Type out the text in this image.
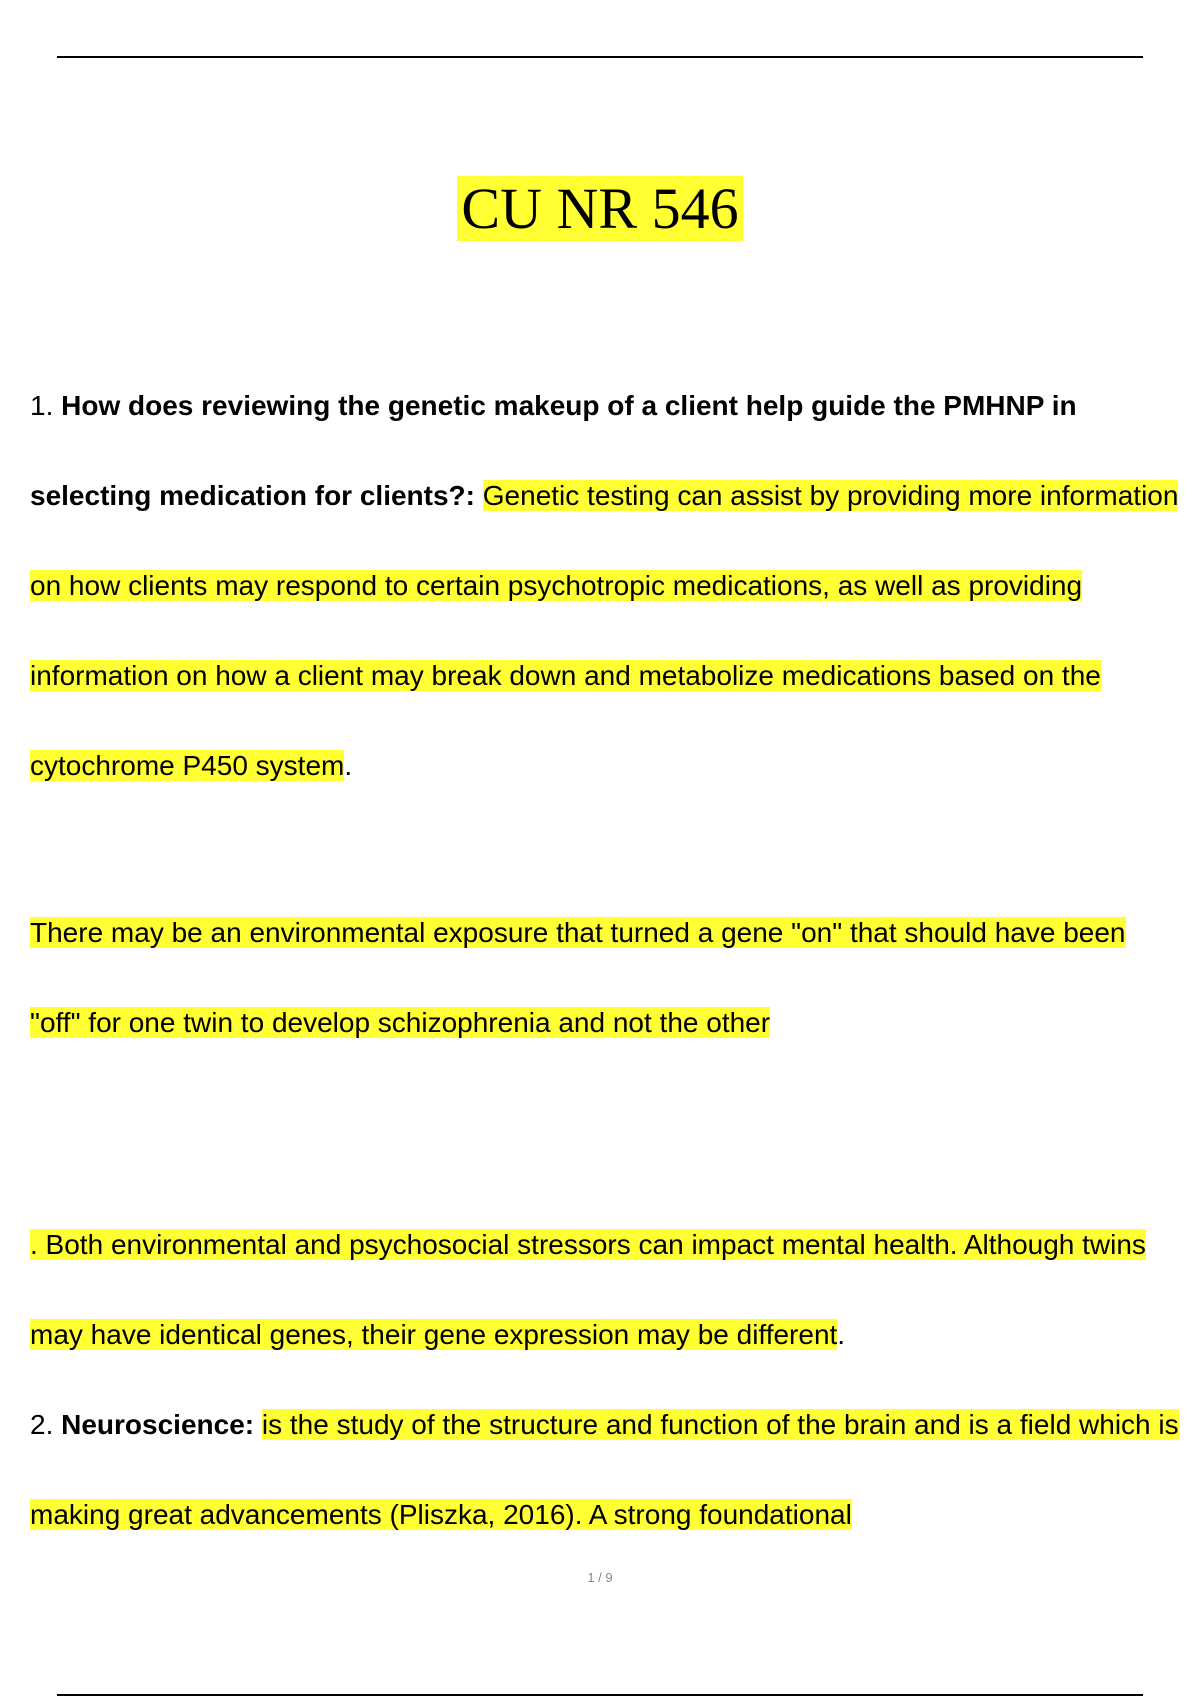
CU NR 546

1. How does reviewing the genetic makeup of a client help guide the PMHNP in selecting medication for clients?: Genetic testing can assist by providing more information on how clients may respond to certain psychotropic medications, as well as providing information on how a client may break down and metabolize medications based on the cytochrome P450 system.

There may be an environmental exposure that turned a gene "on" that should have been "off" for one twin to develop schizophrenia and not the other

. Both environmental and psychosocial stressors can impact mental health. Although twins may have identical genes, their gene expression may be different.

2. Neuroscience: is the study of the structure and function of the brain and is a field which is making great advancements (Pliszka, 2016). A strong foundational

1 / 9
